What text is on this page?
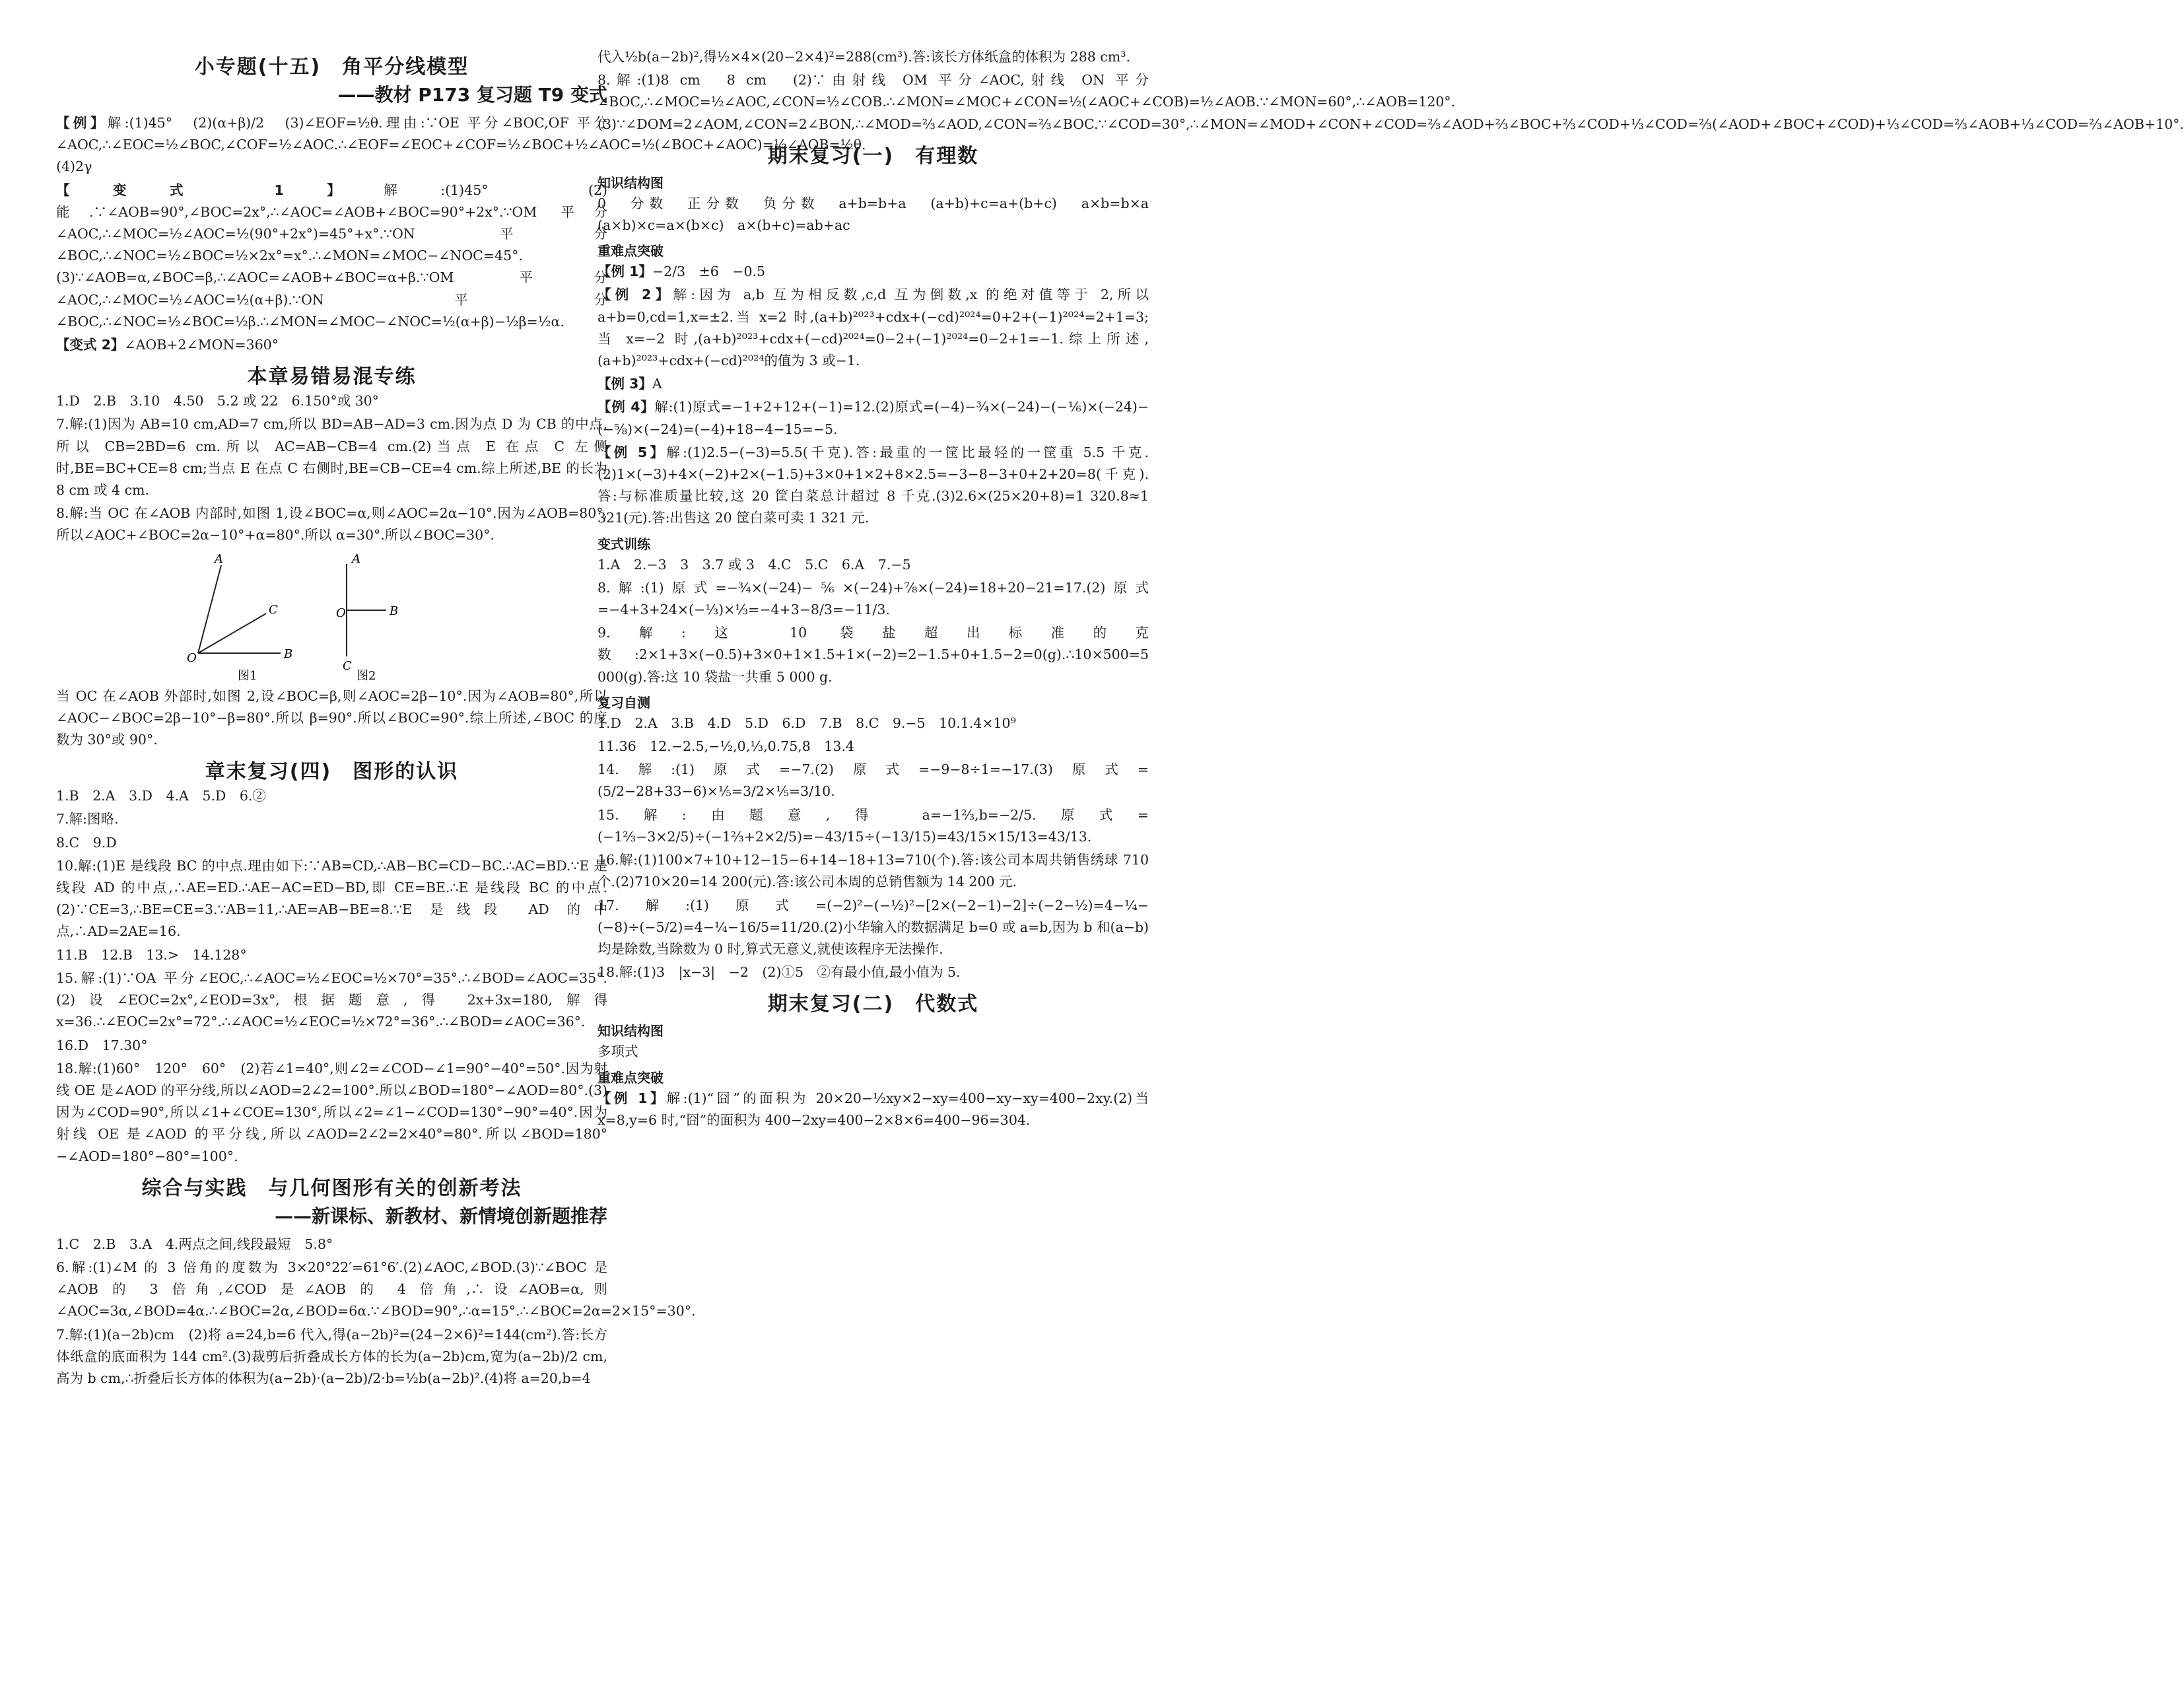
小专题(十五)　角平分线模型
——教材 P173 复习题 T9 变式

【例】解:(1)45°　(2)(α+β)/2　(3)∠EOF=½θ.理由:∵OE 平分∠BOC,OF 平分∠AOC,∴∠EOC=½∠BOC,∠COF=½∠AOC.∴∠EOF=∠EOC+∠COF=½∠BOC+½∠AOC=½(∠BOC+∠AOC)=½∠AOB=½θ.(4)2γ

【变式 1】解:(1)45°　(2)能.∵∠AOB=90°,∠BOC=2x°,∴∠AOC=∠AOB+∠BOC=90°+2x°.∵OM 平分∠AOC,∴∠MOC=½∠AOC=½(90°+2x°)=45°+x°.∵ON 平分∠BOC,∴∠NOC=½∠BOC=½×2x°=x°.∴∠MON=∠MOC−∠NOC=45°.(3)∵∠AOB=α,∠BOC=β,∴∠AOC=∠AOB+∠BOC=α+β.∵OM 平分∠AOC,∴∠MOC=½∠AOC=½(α+β).∵ON 平分∠BOC,∴∠NOC=½∠BOC=½β.∴∠MON=∠MOC−∠NOC=½(α+β)−½β=½α.

【变式 2】∠AOB+2∠MON=360°

本章易错易混专练

1.D　2.B　3.10　4.50　5.2 或 22　6.150°或 30°

7.解:(1)因为 AB=10 cm,AD=7 cm,所以 BD=AB−AD=3 cm.因为点 D 为 CB 的中点,所以 CB=2BD=6 cm.所以 AC=AB−CB=4 cm.(2)当点 E 在点 C 左侧时,BE=BC+CE=8 cm;当点 E 在点 C 右侧时,BE=CB−CE=4 cm.综上所述,BE 的长为 8 cm 或 4 cm.

8.解:当 OC 在∠AOB 内部时,如图 1,设∠BOC=α,则∠AOC=2α−10°.因为∠AOB=80°,所以∠AOC+∠BOC=2α−10°+α=80°.所以 α=30°.所以∠BOC=30°.

A
C
B
O
图1
A
B
O
C
图2

当 OC 在∠AOB 外部时,如图 2,设∠BOC=β,则∠AOC=2β−10°.因为∠AOB=80°,所以∠AOC−∠BOC=2β−10°−β=80°.所以 β=90°.所以∠BOC=90°.综上所述,∠BOC 的度数为 30°或 90°.

章末复习(四)　图形的认识

1.B　2.A　3.D　4.A　5.D　6.②

7.解:图略.

8.C　9.D

10.解:(1)E 是线段 BC 的中点.理由如下:∵AB=CD,∴AB−BC=CD−BC.∴AC=BD.∵E 是线段 AD 的中点,∴AE=ED.∴AE−AC=ED−BD,即 CE=BE.∴E 是线段 BC 的中点.(2)∵CE=3,∴BE=CE=3.∵AB=11,∴AE=AB−BE=8.∵E 是线段 AD 的中点,∴AD=2AE=16.

11.B　12.B　13.>　14.128°

15.解:(1)∵OA 平分∠EOC,∴∠AOC=½∠EOC=½×70°=35°.∴∠BOD=∠AOC=35°.(2)设∠EOC=2x°,∠EOD=3x°,根据题意,得 2x+3x=180,解得 x=36.∴∠EOC=2x°=72°.∴∠AOC=½∠EOC=½×72°=36°.∴∠BOD=∠AOC=36°.

16.D　17.30°

18.解:(1)60°　120°　60°　(2)若∠1=40°,则∠2=∠COD−∠1=90°−40°=50°.因为射线 OE 是∠AOD 的平分线,所以∠AOD=2∠2=100°.所以∠BOD=180°−∠AOD=80°.(3)因为∠COD=90°,所以∠1+∠COE=130°,所以∠2=∠1−∠COD=130°−90°=40°.因为射线 OE 是∠AOD 的平分线,所以∠AOD=2∠2=2×40°=80°.所以∠BOD=180°−∠AOD=180°−80°=100°.

综合与实践　与几何图形有关的创新考法
——新课标、新教材、新情境创新题推荐

1.C　2.B　3.A　4.两点之间,线段最短　5.8°

6.解:(1)∠M 的 3 倍角的度数为 3×20°22′=61°6′.(2)∠AOC,∠BOD.(3)∵∠BOC 是∠AOB 的 3 倍角,∠COD 是∠AOB 的 4 倍角,∴设∠AOB=α,则∠AOC=3α,∠BOD=4α.∴∠BOC=2α,∠BOD=6α.∵∠BOD=90°,∴α=15°.∴∠BOC=2α=2×15°=30°.

7.解:(1)(a−2b)cm　(2)将 a=24,b=6 代入,得(a−2b)²=(24−2×6)²=144(cm²).答:长方体纸盒的底面积为 144 cm².(3)裁剪后折叠成长方体的长为(a−2b)cm,宽为(a−2b)/2 cm,高为 b cm,∴折叠后长方体的体积为(a−2b)·(a−2b)/2·b=½b(a−2b)².(4)将 a=20,b=4

代入½b(a−2b)²,得½×4×(20−2×4)²=288(cm³).答:该长方体纸盒的体积为 288 cm³.

8.解:(1)8 cm　8 cm　(2)∵由射线 OM 平分∠AOC,射线 ON 平分∠BOC,∴∠MOC=½∠AOC,∠CON=½∠COB.∴∠MON=∠MOC+∠CON=½(∠AOC+∠COB)=½∠AOB.∵∠MON=60°,∴∠AOB=120°.(3)∵∠DOM=2∠AOM,∠CON=2∠BON,∴∠MOD=⅔∠AOD,∠CON=⅔∠BOC.∵∠COD=30°,∴∠MON=∠MOD+∠CON+∠COD=⅔∠AOD+⅔∠BOC+⅔∠COD+⅓∠COD=⅔(∠AOD+∠BOC+∠COD)+⅓∠COD=⅔∠AOB+⅓∠COD=⅔∠AOB+10°.

期末复习(一)　有理数
知识结构图

0　分数　正分数　负分数　a+b=b+a　(a+b)+c=a+(b+c)　a×b=b×a　(a×b)×c=a×(b×c)　a×(b+c)=ab+ac

重难点突破

【例 1】−2/3　±6　−0.5

【例 2】解:因为 a,b 互为相反数,c,d 互为倒数,x 的绝对值等于 2,所以 a+b=0,cd=1,x=±2.当 x=2 时,(a+b)²⁰²³+cdx+(−cd)²⁰²⁴=0+2+(−1)²⁰²⁴=2+1=3;当 x=−2 时,(a+b)²⁰²³+cdx+(−cd)²⁰²⁴=0−2+(−1)²⁰²⁴=0−2+1=−1.综上所述,(a+b)²⁰²³+cdx+(−cd)²⁰²⁴的值为 3 或−1.

【例 3】A

【例 4】解:(1)原式=−1+2+12+(−1)=12.(2)原式=(−4)−¾×(−24)−(−⅙)×(−24)−(−⅝)×(−24)=(−4)+18−4−15=−5.

【例 5】解:(1)2.5−(−3)=5.5(千克).答:最重的一筐比最轻的一筐重 5.5 千克.(2)1×(−3)+4×(−2)+2×(−1.5)+3×0+1×2+8×2.5=−3−8−3+0+2+20=8(千克).答:与标准质量比较,这 20 筐白菜总计超过 8 千克.(3)2.6×(25×20+8)=1 320.8≈1 321(元).答:出售这 20 筐白菜可卖 1 321 元.

变式训练

1.A　2.−3　3　3.7 或 3　4.C　5.C　6.A　7.−5

8.解:(1)原式=−¾×(−24)−⅚×(−24)+⅞×(−24)=18+20−21=17.(2)原式=−4+3+24×(−⅓)×⅓=−4+3−8/3=−11/3.

9.解:这 10 袋盐超出标准的克数:2×1+3×(−0.5)+3×0+1×1.5+1×(−2)=2−1.5+0+1.5−2=0(g).∴10×500=5 000(g).答:这 10 袋盐一共重 5 000 g.

复习自测

1.D　2.A　3.B　4.D　5.D　6.D　7.B　8.C　9.−5　10.1.4×10⁹

11.36　12.−2.5,−½,0,⅓,0.75,8　13.4

14.解:(1)原式=−7.(2)原式=−9−8÷1=−17.(3)原式=(5/2−28+33−6)×⅕=3/2×⅕=3/10.

15.解:由题意,得 a=−1⅔,b=−2/5.原式=(−1⅔−3×2/5)÷(−1⅔+2×2/5)=−43/15÷(−13/15)=43/15×15/13=43/13.

16.解:(1)100×7+10+12−15−6+14−18+13=710(个).答:该公司本周共销售绣球 710 个.(2)710×20=14 200(元).答:该公司本周的总销售额为 14 200 元.

17.解:(1)原式=(−2)²−(−½)²−[2×(−2−1)−2]÷(−2−½)=4−¼−(−8)÷(−5/2)=4−¼−16/5=11/20.(2)小华输入的数据满足 b=0 或 a=b,因为 b 和(a−b)均是除数,当除数为 0 时,算式无意义,就使该程序无法操作.

18.解:(1)3　|x−3|　−2　(2)①5　②有最小值,最小值为 5.

期末复习(二)　代数式
知识结构图

多项式

重难点突破

【例 1】解:(1)“囧”的面积为 20×20−½xy×2−xy=400−xy−xy=400−2xy.(2)当 x=8,y=6 时,“囧”的面积为 400−2xy=400−2×8×6=400−96=304.
